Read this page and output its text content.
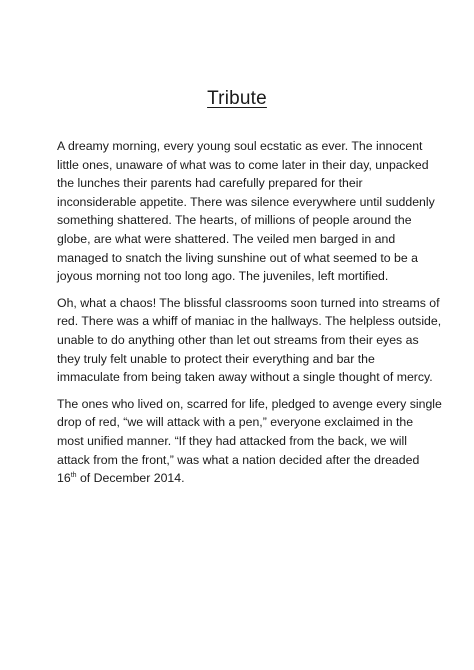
Tribute

A dreamy morning, every young soul ecstatic as ever. The innocent
little ones, unaware of what was to come later in their day, unpacked
the lunches their parents had carefully prepared for their
inconsiderable appetite. There was silence everywhere until suddenly
something shattered. The hearts, of millions of people around the
globe, are what were shattered. The veiled men barged in and
managed to snatch the living sunshine out of what seemed to be a
joyous morning not too long ago. The juveniles, left mortified.

Oh, what a chaos! The blissful classrooms soon turned into streams of
red. There was a whiff of maniac in the hallways. The helpless outside,
unable to do anything other than let out streams from their eyes as
they truly felt unable to protect their everything and bar the
immaculate from being taken away without a single thought of mercy.

The ones who lived on, scarred for life, pledged to avenge every single
drop of red, “we will attack with a pen,” everyone exclaimed in the
most unified manner. “If they had attacked from the back, we will
attack from the front,” was what a nation decided after the dreaded
16th of December 2014.
